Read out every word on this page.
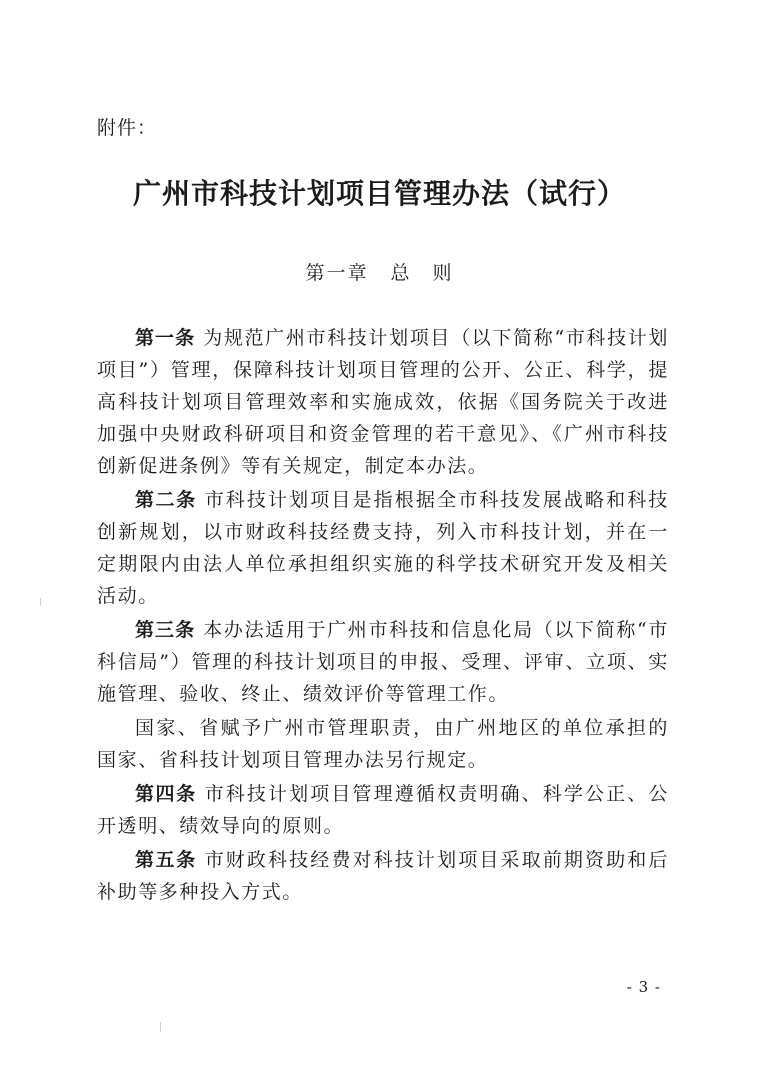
附件：
广州市科技计划项目管理办法（试行）
第一章 总　则

第一条 为规范广州市科技计划项目（以下简称“市科技计划项目”）管理，保障科技计划项目管理的公开、公正、科学，提高科技计划项目管理效率和实施成效，依据《国务院关于改进加强中央财政科研项目和资金管理的若干意见》、《广州市科技创新促进条例》等有关规定，制定本办法。

第二条 市科技计划项目是指根据全市科技发展战略和科技创新规划，以市财政科技经费支持，列入市科技计划，并在一定期限内由法人单位承担组织实施的科学技术研究开发及相关活动。

第三条 本办法适用于广州市科技和信息化局（以下简称“市科信局”）管理的科技计划项目的申报、受理、评审、立项、实施管理、验收、终止、绩效评价等管理工作。

国家、省赋予广州市管理职责，由广州地区的单位承担的国家、省科技计划项目管理办法另行规定。

第四条 市科技计划项目管理遵循权责明确、科学公正、公开透明、绩效导向的原则。

第五条 市财政科技经费对科技计划项目采取前期资助和后补助等多种投入方式。

- 3 -
